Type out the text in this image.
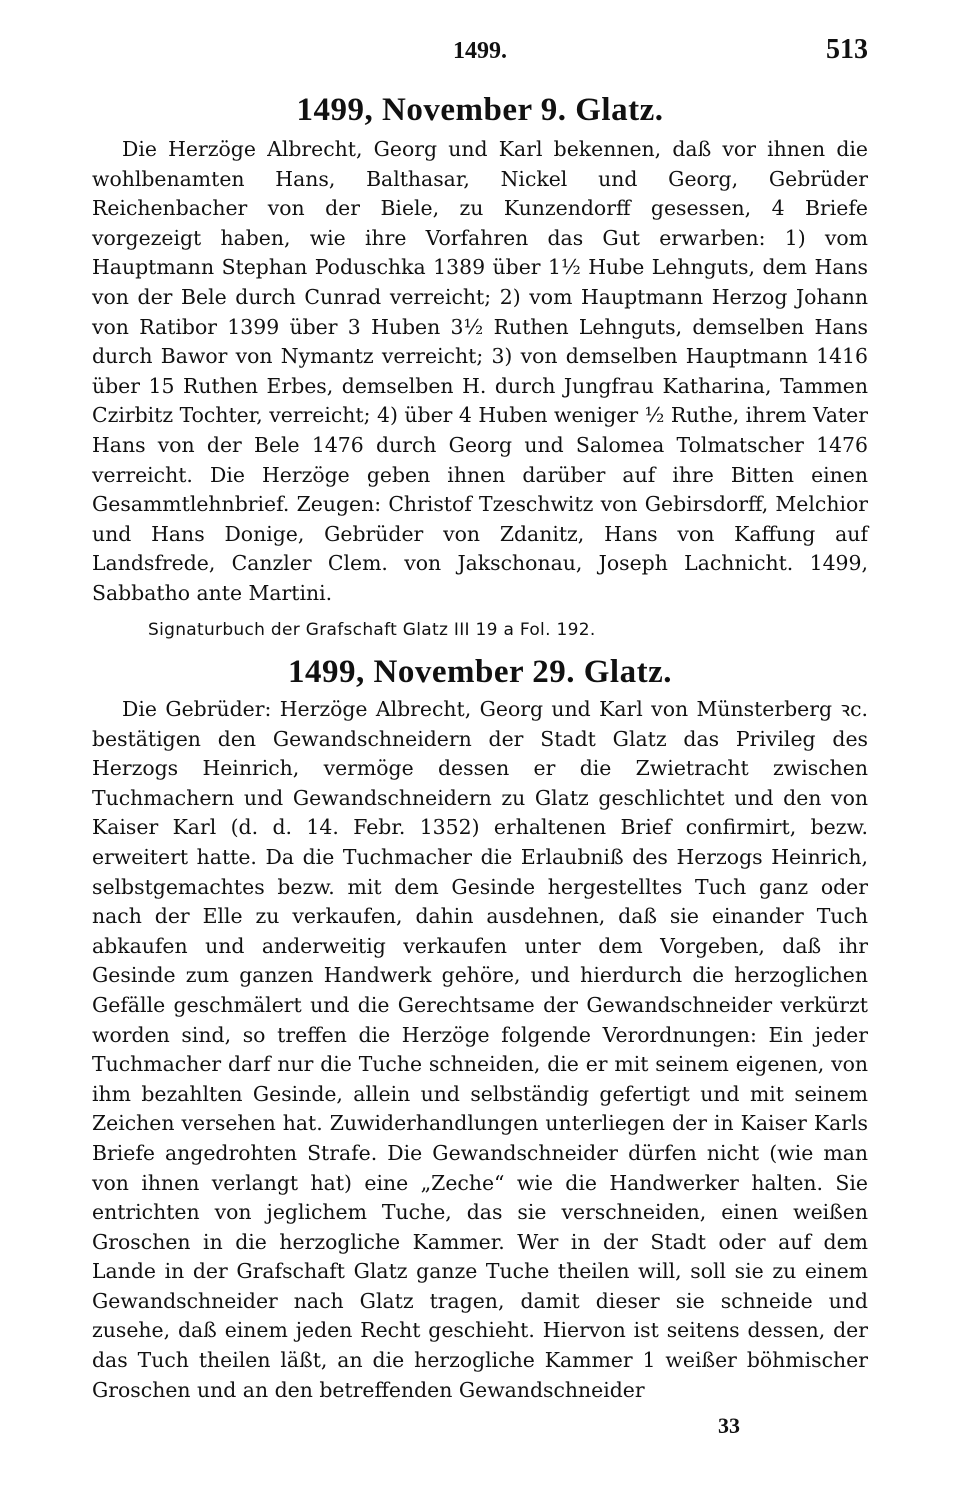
1499.	513
1499, November 9. Glatz.

Die Herzöge Albrecht, Georg und Karl bekennen, daß vor ihnen die wohlbenamten Hans, Balthasar, Nickel und Georg, Gebrüder Reichenbacher von der Biele, zu Kunzendorff gesessen, 4 Briefe vorgezeigt haben, wie ihre Vorfahren das Gut erwarben: 1) vom Hauptmann Stephan Poduschka 1389 über 1½ Hube Lehnguts, dem Hans von der Bele durch Cunrad verreicht; 2) vom Hauptmann Herzog Johann von Ratibor 1399 über 3 Huben 3½ Ruthen Lehnguts, demselben Hans durch Bawor von Nymantz verreicht; 3) von demselben Hauptmann 1416 über 15 Ruthen Erbes, demselben H. durch Jungfrau Katharina, Tammen Czirbitz Tochter, verreicht; 4) über 4 Huben weniger ½ Ruthe, ihrem Vater Hans von der Bele 1476 durch Georg und Salomea Tolmatscher 1476 verreicht. Die Herzöge geben ihnen darüber auf ihre Bitten einen Gesammtlehnbrief. Zeugen: Christof Tzeschwitz von Gebirsdorff, Melchior und Hans Donige, Gebrüder von Zdanitz, Hans von Kaffung auf Landsfrede, Canzler Clem. von Jakschonau, Joseph Lachnicht. 1499, Sabbatho ante Martini.

Signaturbuch der Grafschaft Glatz III 19 a Fol. 192.
1499, November 29. Glatz.

Die Gebrüder: Herzöge Albrecht, Georg und Karl von Münsterberg ꝛc. bestätigen den Gewandschneidern der Stadt Glatz das Privileg des Herzogs Heinrich, vermöge dessen er die Zwietracht zwischen Tuchmachern und Gewandschneidern zu Glatz geschlichtet und den von Kaiser Karl (d. d. 14. Febr. 1352) erhaltenen Brief confirmirt, bezw. erweitert hatte. Da die Tuchmacher die Erlaubniß des Herzogs Heinrich, selbstgemachtes bezw. mit dem Gesinde hergestelltes Tuch ganz oder nach der Elle zu verkaufen, dahin ausdehnen, daß sie einander Tuch abkaufen und anderweitig verkaufen unter dem Vorgeben, daß ihr Gesinde zum ganzen Handwerk gehöre, und hierdurch die herzoglichen Gefälle geschmälert und die Gerechtsame der Gewandschneider verkürzt worden sind, so treffen die Herzöge folgende Verordnungen: Ein jeder Tuchmacher darf nur die Tuche schneiden, die er mit seinem eigenen, von ihm bezahlten Gesinde, allein und selbständig gefertigt und mit seinem Zeichen versehen hat. Zuwiderhandlungen unterliegen der in Kaiser Karls Briefe angedrohten Strafe. Die Gewandschneider dürfen nicht (wie man von ihnen verlangt hat) eine „Zeche“ wie die Handwerker halten. Sie entrichten von jeglichem Tuche, das sie verschneiden, einen weißen Groschen in die herzogliche Kammer. Wer in der Stadt oder auf dem Lande in der Grafschaft Glatz ganze Tuche theilen will, soll sie zu einem Gewandschneider nach Glatz tragen, damit dieser sie schneide und zusehe, daß einem jeden Recht geschieht. Hiervon ist seitens dessen, der das Tuch theilen läßt, an die herzogliche Kammer 1 weißer böhmischer Groschen und an den betreffenden Gewandschneider

33
